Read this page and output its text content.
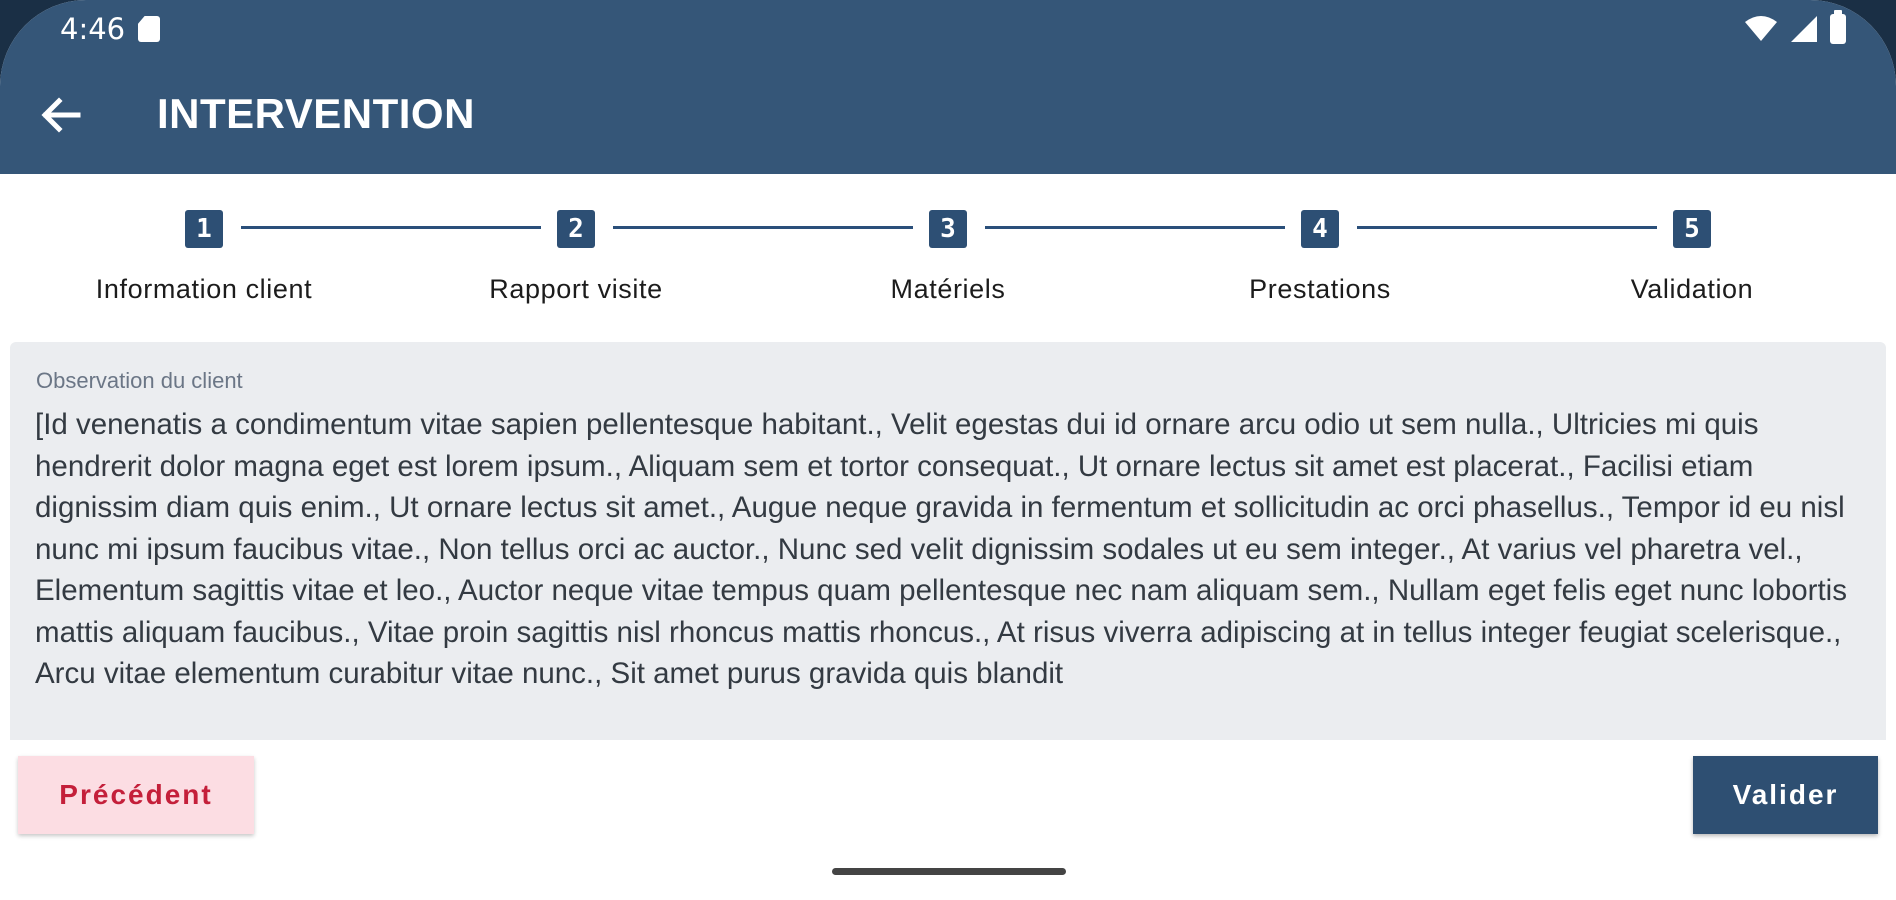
4:46
INTERVENTION
1
Information client
2
Rapport visite
3
Matériels
4
Prestations
5
Validation
Observation du client
[Id venenatis a condimentum vitae sapien pellentesque habitant., Velit egestas dui id ornare arcu odio ut sem nulla., Ultricies mi quis hendrerit dolor magna eget est lorem ipsum., Aliquam sem et tortor consequat., Ut ornare lectus sit amet est placerat., Facilisi etiam dignissim diam quis enim., Ut ornare lectus sit amet., Augue neque gravida in fermentum et sollicitudin ac orci phasellus., Tempor id eu nisl nunc mi ipsum faucibus vitae., Non tellus orci ac auctor., Nunc sed velit dignissim sodales ut eu sem integer., At varius vel pharetra vel., Elementum sagittis vitae et leo., Auctor neque vitae tempus quam pellentesque nec nam aliquam sem., Nullam eget felis eget nunc lobortis mattis aliquam faucibus., Vitae proin sagittis nisl rhoncus mattis rhoncus., At risus viverra adipiscing at in tellus integer feugiat scelerisque., Arcu vitae elementum curabitur vitae nunc., Sit amet purus gravida quis blandit
Précédent	Valider
